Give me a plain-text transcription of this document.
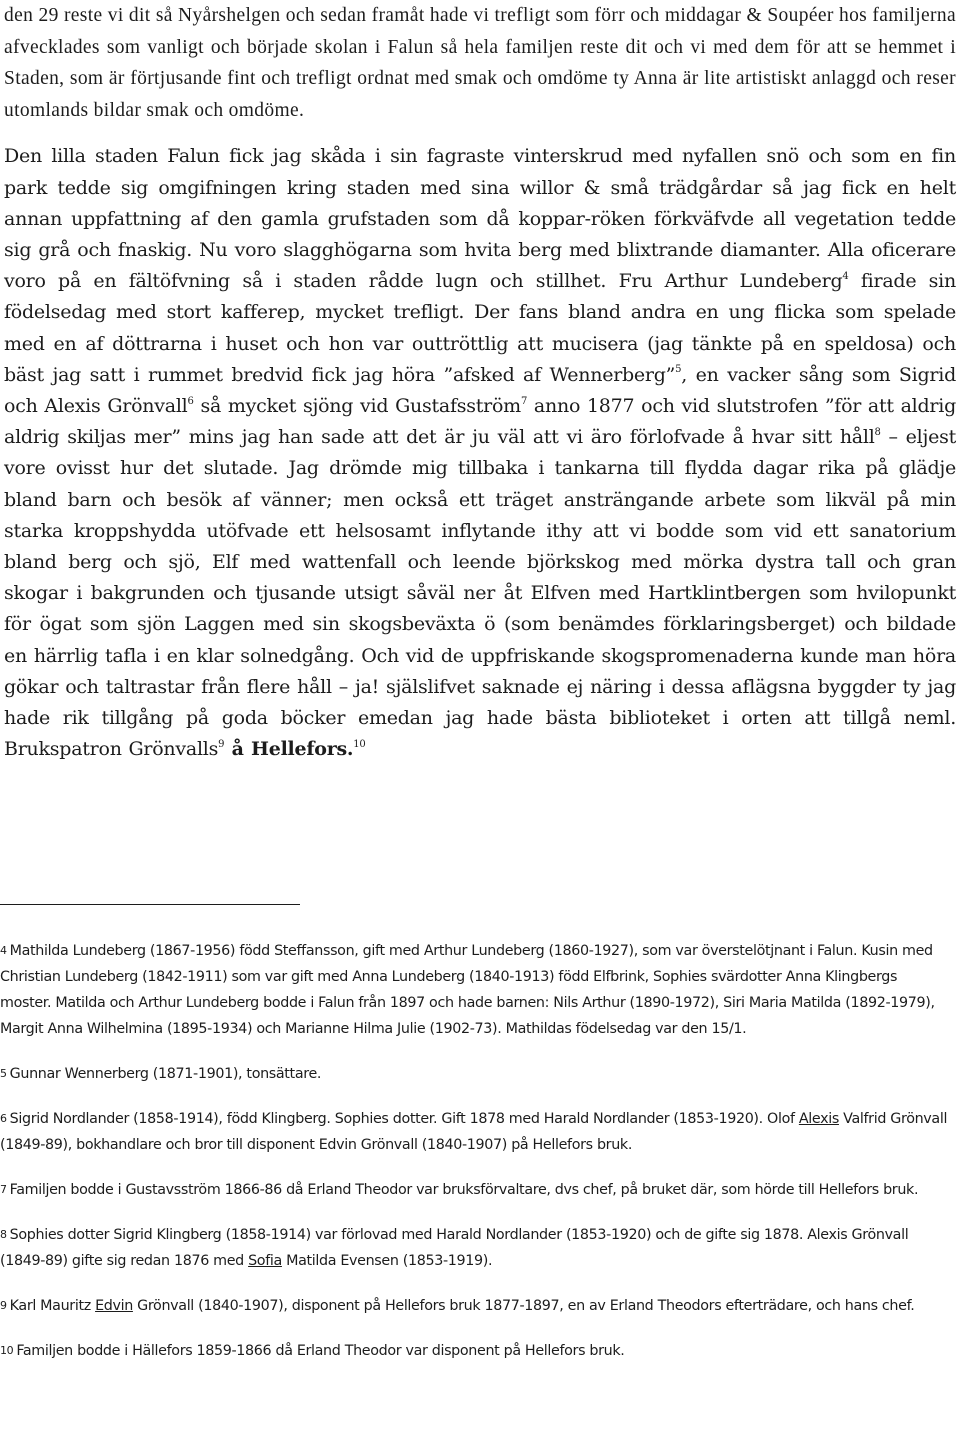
den 29 reste vi dit så Nyårshelgen och sedan framåt hade vi trefligt som förr och middagar & Soupéer hos familjerna afvecklades som vanligt och började skolan i Falun så hela familjen reste dit och vi med dem för att se hemmet i Staden, som är förtjusande fint och trefligt ordnat med smak och omdöme ty Anna är lite artistiskt anlaggd och reser utomlands bildar smak och omdöme.

Den lilla staden Falun fick jag skåda i sin fagraste vinterskrud med nyfallen snö och som en fin park tedde sig omgifningen kring staden med sina willor & små trädgårdar så jag fick en helt annan uppfattning af den gamla grufstaden som då koppar-röken förkväfvde all vegetation tedde sig grå och fnaskig. Nu voro slagghögarna som hvita berg med blixtrande diamanter. Alla oficerare voro på en fältöfvning så i staden rådde lugn och stillhet. Fru Arthur Lundeberg$^4$ firade sin födelsedag med stort kafferep, mycket trefligt. Der fans bland andra en ung flicka som spelade med en af döttrarna i huset och hon var outtröttlig att mucisera (jag tänkte på en speldosa) och bäst jag satt i rummet bredvid fick jag höra ”afsked af Wennerberg”$^5$, en vacker sång som Sigrid och Alexis Grönvall$^6$ så mycket sjöng vid Gustafsström$^7$ anno 1877 och vid slutstrofen ”för att aldrig aldrig skiljas mer” mins jag han sade att det är ju väl att vi äro förlofvade å hvar sitt håll$^8$ – eljest vore ovisst hur det slutade. Jag drömde mig tillbaka i tankarna till flydda dagar rika på glädje bland barn och besök af vänner; men också ett träget ansträngande arbete som likväl på min starka kroppshydda utöfvade ett helsosamt inflytande ithy att vi bodde som vid ett sanatorium bland berg och sjö, Elf med wattenfall och leende björkskog med mörka dystra tall och gran skogar i bakgrunden och tjusande utsigt såväl ner åt Elfven med Hartklintbergen som hvilopunkt för ögat som sjön Laggen med sin skogsbeväxta ö (som benämdes förklaringsberget) och bildade en härrlig tafla i en klar solnedgång. Och vid de uppfriskande skogspromenaderna kunde man höra gökar och taltrastar från flere håll – ja! själslifvet saknade ej näring i dessa aflägsna byggder ty jag hade rik tillgång på goda böcker emedan jag hade bästa biblioteket i orten att tillgå neml. Brukspatron Grönvalls$^9$ å Hellefors.$^{10}$

4 Mathilda Lundeberg (1867-1956) född Steffansson, gift med Arthur Lundeberg (1860-1927), som var överstelötjnant i Falun. Kusin med Christian Lundeberg (1842-1911) som var gift med Anna Lundeberg (1840-1913) född Elfbrink, Sophies svärdotter Anna Klingbergs moster. Matilda och Arthur Lundeberg bodde i Falun från 1897 och hade barnen: Nils Arthur (1890-1972), Siri Maria Matilda (1892-1979), Margit Anna Wilhelmina (1895-1934) och Marianne Hilma Julie (1902-73). Mathildas födelsedag var den 15/1.

5 Gunnar Wennerberg (1871-1901), tonsättare.

6 Sigrid Nordlander (1858-1914), född Klingberg. Sophies dotter. Gift 1878 med Harald Nordlander (1853-1920). Olof Alexis Valfrid Grönvall (1849-89), bokhandlare och bror till disponent Edvin Grönvall (1840-1907) på Hellefors bruk.

7 Familjen bodde i Gustavsström 1866-86 då Erland Theodor var bruksförvaltare, dvs chef, på bruket där, som hörde till Hellefors bruk.

8 Sophies dotter Sigrid Klingberg (1858-1914) var förlovad med Harald Nordlander (1853-1920) och de gifte sig 1878. Alexis Grönvall (1849-89) gifte sig redan 1876 med Sofia Matilda Evensen (1853-1919).

9 Karl Mauritz Edvin Grönvall (1840-1907), disponent på Hellefors bruk 1877-1897, en av Erland Theodors efterträdare, och hans chef.

10 Familjen bodde i Hällefors 1859-1866 då Erland Theodor var disponent på Hellefors bruk.
